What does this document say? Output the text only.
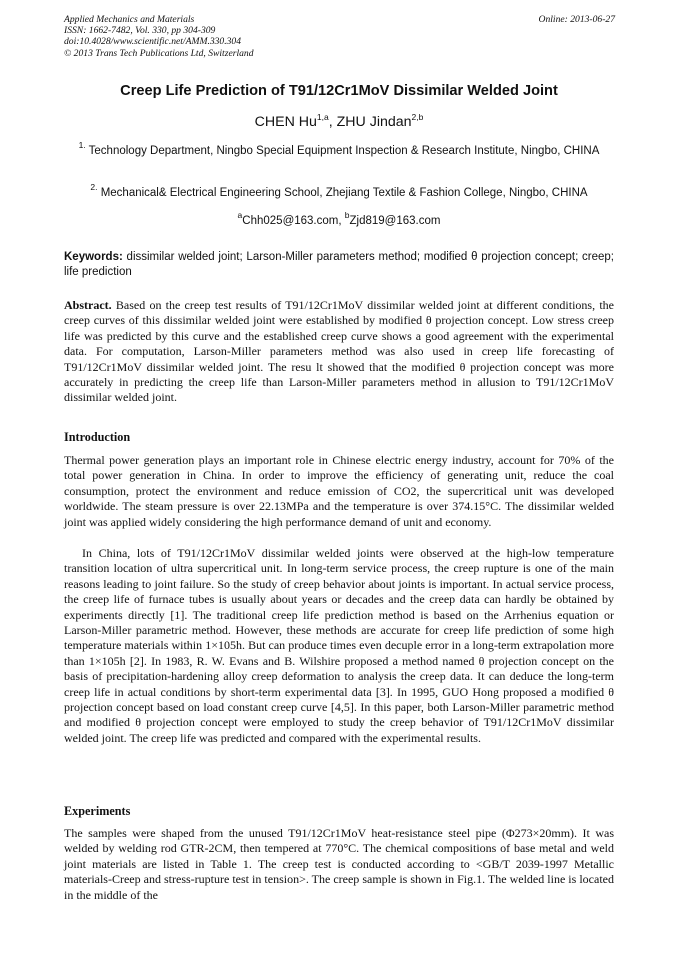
Applied Mechanics and Materials
ISSN: 1662-7482, Vol. 330, pp 304-309
doi:10.4028/www.scientific.net/AMM.330.304
© 2013 Trans Tech Publications Ltd, Switzerland
Online: 2013-06-27
Creep Life Prediction of T91/12Cr1MoV Dissimilar Welded Joint
CHEN Hu$^{1,a}$, ZHU Jindan$^{2,b}$
$^{1.}$ Technology Department, Ningbo Special Equipment Inspection & Research Institute, Ningbo, CHINA
$^{2.}$ Mechanical& Electrical Engineering School, Zhejiang Textile & Fashion College, Ningbo, CHINA
$^a$Chh025@163.com, $^b$Zjd819@163.com
Keywords: dissimilar welded joint; Larson-Miller parameters method; modified θ projection concept; creep; life prediction
Abstract. Based on the creep test results of T91/12Cr1MoV dissimilar welded joint at different conditions, the creep curves of this dissimilar welded joint were established by modified θ projection concept. Low stress creep life was predicted by this curve and the established creep curve shows a good agreement with the experimental data. For computation, Larson-Miller parameters method was also used in creep life forecasting of T91/12Cr1MoV dissimilar welded joint. The resu lt showed that the modified θ projection concept was more accurately in predicting the creep life than Larson-Miller parameters method in allusion to T91/12Cr1MoV dissimilar welded joint.
Introduction
Thermal power generation plays an important role in Chinese electric energy industry, account for 70% of the total power generation in China. In order to improve the efficiency of generating unit, reduce the coal consumption, protect the environment and reduce emission of CO2, the supercritical unit was developed worldwide. The steam pressure is over 22.13MPa and the temperature is over 374.15°C. The dissimilar welded joint was applied widely considering the high performance demand of unit and economy.
In China, lots of T91/12Cr1MoV dissimilar welded joints were observed at the high-low temperature transition location of ultra supercritical unit. In long-term service process, the creep rupture is one of the main reasons leading to joint failure. So the study of creep behavior about joints is important. In actual service process, the creep life of furnace tubes is usually about years or decades and the creep data can hardly be obtained by experiments directly [1]. The traditional creep life prediction method is based on the Arrhenius equation or Larson-Miller parametric method. However, these methods are accurate for creep life prediction of some high temperature materials within 1×105h. But can produce times even decuple error in a long-term extrapolation more than 1×105h [2]. In 1983, R. W. Evans and B. Wilshire proposed a method named θ projection concept on the basis of precipitation-hardening alloy creep deformation to analysis the creep data. It can deduce the long-term creep life in actual conditions by short-term experimental data [3]. In 1995, GUO Hong proposed a modified θ projection concept based on load constant creep curve [4,5]. In this paper, both Larson-Miller parametric method and modified θ projection concept were employed to study the creep behavior of T91/12Cr1MoV dissimilar welded joint. The creep life was predicted and compared with the experimental results.
Experiments
The samples were shaped from the unused T91/12Cr1MoV heat-resistance steel pipe (Φ273×20mm). It was welded by welding rod GTR-2CM, then tempered at 770°C. The chemical compositions of base metal and weld joint materials are listed in Table 1. The creep test is conducted according to <GB/T 2039-1997 Metallic materials-Creep and stress-rupture test in tension>. The creep sample is shown in Fig.1. The welded line is located in the middle of the
